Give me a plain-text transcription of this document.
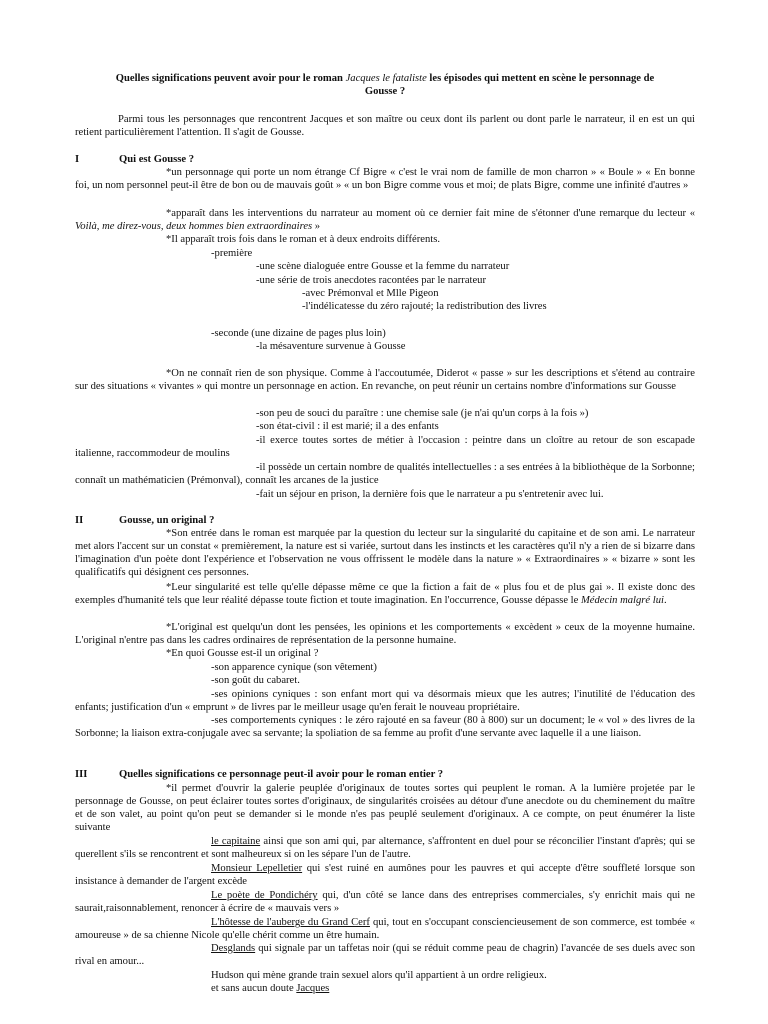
Quelles significations peuvent avoir pour le roman Jacques le fataliste les épisodes qui mettent en scène le personnage de
Gousse ?
Parmi tous les personnages que rencontrent Jacques et son maître ou ceux dont ils parlent ou dont parle le narrateur, il en est un qui retient particulièrement l'attention. Il s'agit de Gousse.
I	Qui est Gousse ?
*un personnage qui porte un nom étrange Cf Bigre « c'est le vrai nom de famille de mon charron » « Boule » « En bonne foi, un nom personnel peut-il être de bon ou de mauvais goût » « un bon Bigre comme vous et moi; de plats Bigre, comme une infinité d'autres »
*apparaît dans les interventions du narrateur au moment où ce dernier fait mine de s'étonner d'une remarque du lecteur « Voilà, me direz-vous, deux hommes bien extraordinaires »
*Il apparaît trois fois dans le roman et à deux endroits différents.
-première
-une scène dialoguée entre Gousse et la femme du narrateur
-une série de trois anecdotes racontées par le narrateur
-avec Prémonval et Mlle Pigeon
-l'indélicatesse du zéro rajouté; la redistribution des livres
-seconde (une dizaine de pages plus loin)
-la mésaventure survenue à Gousse
*On ne connaît rien de son physique. Comme à l'accoutumée, Diderot « passe » sur les descriptions et s'étend au contraire sur des situations « vivantes » qui montre un personnage en action. En revanche, on peut réunir un certains nombre d'informations sur Gousse
-son peu de souci du paraître : une chemise sale (je n'ai qu'un corps à la fois »)
-son état-civil : il est marié; il a des enfants
-il exerce toutes sortes de métier à l'occasion : peintre dans un cloître au retour de son escapade italienne, raccommodeur de moulins
-il possède un certain nombre de qualités intellectuelles : a ses entrées à la bibliothèque de la Sorbonne; connaît un mathématicien (Prémonval), connaît les arcanes de la justice
-fait un séjour en prison, la dernière fois que le narrateur a pu s'entretenir avec lui.
II	Gousse, un original ?
*Son entrée dans le roman est marquée par la question du lecteur sur la singularité du capitaine et de son ami. Le narrateur met alors l'accent sur un constat « premièrement, la nature est si variée, surtout dans les instincts et les caractères qu'il n'y a rien de si bizarre dans l'imagination d'un poète dont l'expérience et l'observation ne vous offrissent le modèle dans la nature » « Extraordinaires » « bizarre » sont les qualificatifs qui désignent ces personnes.
*Leur singularité est telle qu'elle dépasse même ce que la fiction a fait de « plus fou et de plus gai ». Il existe donc des exemples d'humanité tels que leur réalité dépasse toute fiction et toute imagination. En l'occurrence, Gousse dépasse le Médecin malgré lui.
*L'original est quelqu'un dont les pensées, les opinions et les comportements « excèdent » ceux de la moyenne humaine. L'original n'entre pas dans les cadres ordinaires de représentation de la personne humaine.
*En quoi Gousse est-il un original ?
-son apparence cynique (son vêtement)
-son goût du cabaret.
-ses opinions cyniques : son enfant mort qui va désormais mieux que les autres; l'inutilité de l'éducation des enfants; justification d'un « emprunt » de livres par le meilleur usage qu'en ferait le nouveau propriétaire.
-ses comportements cyniques : le zéro rajouté en sa faveur (80 à 800) sur un document; le « vol » des livres de la Sorbonne; la liaison extra-conjugale avec sa servante; la spoliation de sa femme au profit d'une servante avec laquelle il a une liaison.
III	Quelles significations ce personnage peut-il avoir pour le roman entier ?
*il permet d'ouvrir la galerie peuplée d'originaux de toutes sortes qui peuplent le roman. A la lumière projetée par le personnage de Gousse, on peut éclairer toutes sortes d'originaux, de singularités croisées au détour d'une anecdote ou du cheminement du maître et de son valet, au point qu'on peut se demander si le monde n'es pas peuplé seulement d'originaux. A ce compte, on peut énumérer la liste suivante
le capitaine ainsi que son ami qui, par alternance, s'affrontent en duel pour se réconcilier l'instant d'après; qui se querellent s'ils se rencontrent et sont malheureux si on les sépare l'un de l'autre.
Monsieur Lepelletier qui s'est ruiné en aumônes pour les pauvres et qui accepte d'être souffleté lorsque son insistance à demander de l'argent excède
Le poète de Pondichéry qui, d'un côté se lance dans des entreprises commerciales, s'y enrichit mais qui ne saurait,raisonnablement, renoncer à écrire de « mauvais vers »
L'hôtesse de l'auberge du Grand Cerf qui, tout en s'occupant consciencieusement de son commerce, est tombée « amoureuse » de sa chienne Nicole qu'elle chérit comme un être humain.
Desglands qui signale par un taffetas noir (qui se réduit comme peau de chagrin) l'avancée de ses duels avec son rival en amour...
Hudson qui mène grande train sexuel alors qu'il appartient à un ordre religieux.
et sans aucun doute Jacques
